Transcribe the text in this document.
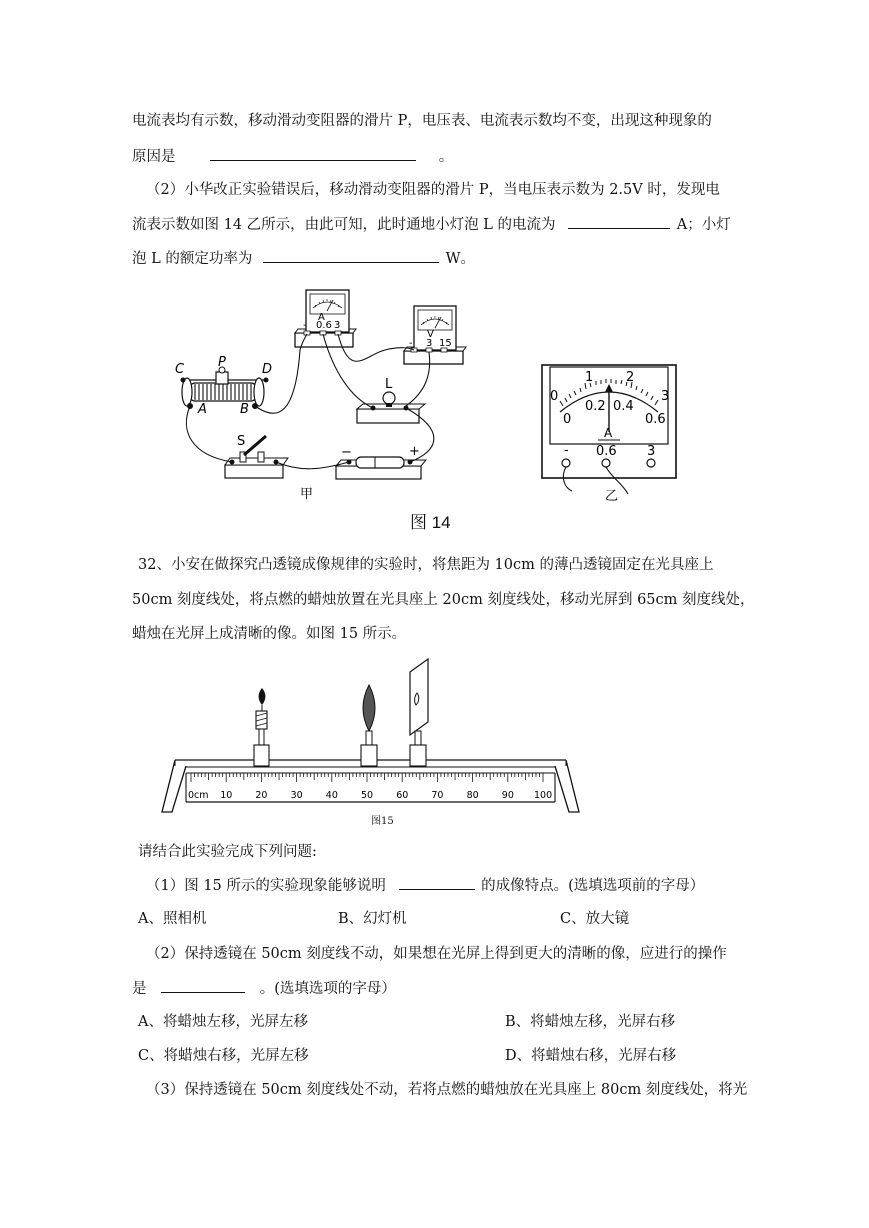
电流表均有示数，移动滑动变阻器的滑片 P，电压表、电流表示数均不变，出现这种现象的
原因是	。
（2）小华改正实验错误后，移动滑动变阻器的滑片 P，当电压表示数为 2.5V 时，发现电
流表示数如图 14 乙所示，由此可知，此时通地小灯泡 L 的电流为	A；小灯
泡 L 的额定功率为	W。
A
- 0.6 3
V
- 3 15
C	P	D
A	B
L
S
−	+
甲
0
1	2
3
0
0.2 0.4
0.6
A
- 0.6 3
乙
图 14
32、小安在做探究凸透镜成像规律的实验时，将焦距为 10cm 的薄凸透镜固定在光具座上
50cm 刻度线处，将点燃的蜡烛放置在光具座上 20cm 刻度线处，移动光屏到 65cm 刻度线处，
蜡烛在光屏上成清晰的像。如图 15 所示。
0cm 10 20 30 40 50 60 70 80 90 100
图15
请结合此实验完成下列问题:
（1）图 15 所示的实验现象能够说明	的成像特点。(选填选项前的字母）
A、照相机	B、幻灯机	C、放大镜
（2）保持透镜在 50cm 刻度线不动，如果想在光屏上得到更大的清晰的像，应进行的操作
是	。(选填选项的字母）
A、将蜡烛左移，光屏左移	B、将蜡烛左移，光屏右移
C、将蜡烛右移，光屏左移	D、将蜡烛右移，光屏右移
（3）保持透镜在 50cm 刻度线处不动，若将点燃的蜡烛放在光具座上 80cm 刻度线处，将光
